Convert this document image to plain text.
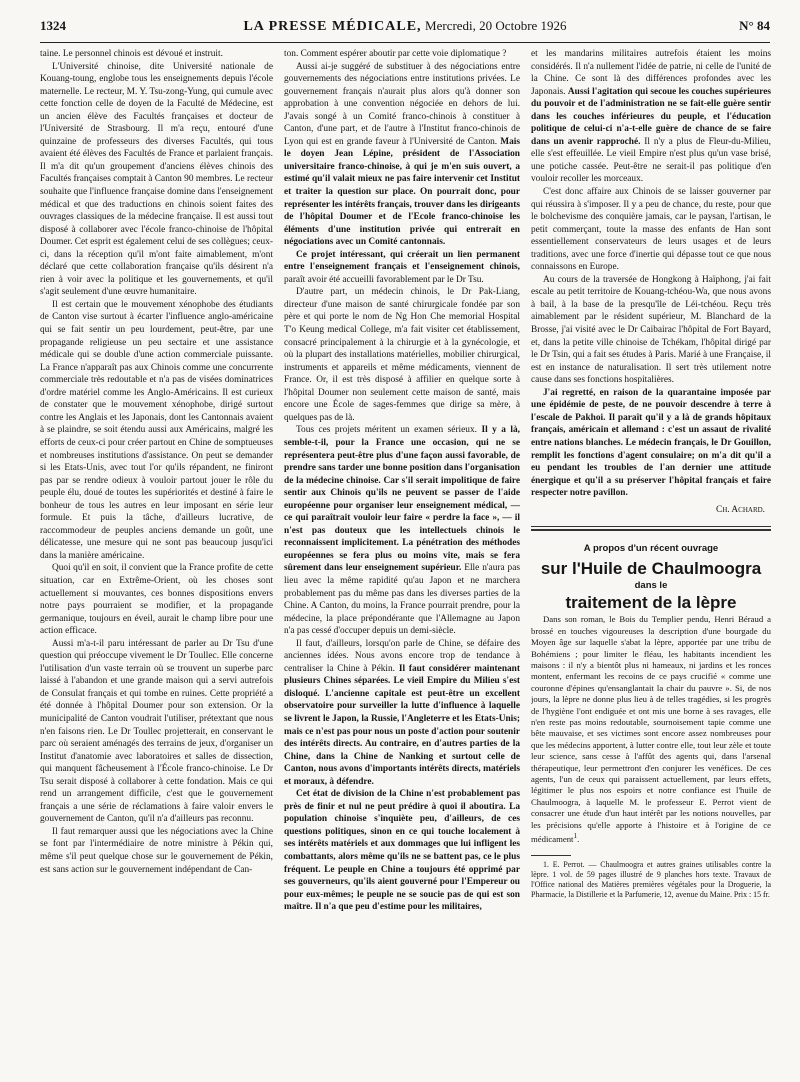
1324	LA PRESSE MÉDICALE, Mercredi, 20 Octobre 1926	N° 84

taine. Le personnel chinois est dévoué et instruit.

L'Université chinoise, dite Université nationale de Kouang-toung, englobe tous les enseignements depuis l'école maternelle. Le recteur, M. Y. Tsu-zong-Yung, qui cumule avec cette fonction celle de doyen de la Faculté de Médecine, est un ancien élève des Facultés françaises et docteur de l'Université de Strasbourg. Il m'a reçu, entouré d'une quinzaine de professeurs des diverses Facultés, qui tous avaient été élèves des Facultés de France et parlaient français. Il m'a dit qu'un groupement d'anciens élèves chinois des Facultés françaises comptait à Canton 90 membres. Le recteur souhaite que l'influence française domine dans l'enseignement médical et que des traductions en chinois soient faites des ouvrages classiques de la médecine française. Il est aussi tout disposé à collaborer avec l'école franco-chinoise de l'hôpital Doumer. Cet esprit est également celui de ses collègues; ceux-ci, dans la réception qu'il m'ont faite aimablement, m'ont déclaré que cette collaboration française qu'ils désirent n'a rien à voir avec la politique et les gouvernements, et qu'il s'agit seulement d'une œuvre humanitaire.

Il est certain que le mouvement xénophobe des étudiants de Canton vise surtout à écarter l'influence anglo-américaine qui se fait sentir un peu lourdement, peut-être, par une propagande religieuse un peu sectaire et une assistance médicale qui se double d'une action commerciale puissante. La France n'apparaît pas aux Chinois comme une concurrente commerciale très redoutable et n'a pas de visées dominatrices d'ordre matériel comme les Anglo-Américains. Il est curieux de constater que le mouvement xénophobe, dirigé surtout contre les Anglais et les Japonais, dont les Cantonnais avaient à se plaindre, se soit étendu aussi aux Américains, malgré les efforts de ceux-ci pour créer partout en Chine de somptueuses et nombreuses institutions d'assistance. On peut se demander si les Etats-Unis, avec tout l'or qu'ils répandent, ne finiront pas par se rendre odieux à vouloir partout jouer le rôle du peuple élu, doué de toutes les supériorités et destiné à faire le bonheur de tous les autres en leur imposant en série leur formule. Et puis la tâche, d'ailleurs lucrative, de raccommodeur de peuples anciens demande un goût, une délicatesse, une mesure qui ne sont pas beaucoup jusqu'ici dans la manière américaine.

Quoi qu'il en soit, il convient que la France profite de cette situation, car en Extrême-Orient, où les choses sont actuellement si mouvantes, ces bonnes dispositions envers notre pays pourraient se modifier, et la propagande germanique, toujours en éveil, aurait le champ libre pour une action efficace.

Aussi m'a-t-il paru intéressant de parler au Dr Tsu d'une question qui préoccupe vivement le Dr Toullec. Elle concerne l'utilisation d'un vaste terrain où se trouvent un superbe parc laissé à l'abandon et une grande maison qui a servi autrefois de Consulat français et qui tombe en ruines. Cette propriété a été donnée à l'hôpital Doumer pour son extension. Or la municipalité de Canton voudrait l'utiliser, prétextant que nous n'en faisons rien. Le Dr Toullec projetterait, en conservant le parc où seraient aménagés des terrains de jeux, d'organiser un Institut d'anatomie avec laboratoires et salles de dissection, qui manquent fâcheusement à l'École franco-chinoise. Le Dr Tsu serait disposé à collaborer à cette fondation. Mais ce qui rend un arrangement difficile, c'est que le gouvernement français a une série de réclamations à faire valoir envers le gouvernement de Canton, qu'il n'a d'ailleurs pas reconnu.

Il faut remarquer aussi que les négociations avec la Chine se font par l'intermédiaire de notre ministre à Pékin qui, même s'il peut quelque chose sur le gouvernement de Pékin, est sans action sur le gouvernement indépendant de Can-

ton. Comment espérer aboutir par cette voie diplomatique ?

Aussi ai-je suggéré de substituer à des négociations entre gouvernements des négociations entre institutions privées. Le gouvernement français n'aurait plus alors qu'à donner son approbation à une convention négociée en dehors de lui. J'avais songé à un Comité franco-chinois à constituer à Canton, d'une part, et de l'autre à l'Institut franco-chinois de Lyon qui est en grande faveur à l'Université de Canton. Mais le doyen Jean Lépine, président de l'Association universitaire franco-chinoise, à qui je m'en suis ouvert, a estimé qu'il valait mieux ne pas faire intervenir cet Institut et traiter la question sur place. On pourrait donc, pour représenter les intérêts français, trouver dans les dirigeants de l'hôpital Doumer et de l'Ecole franco-chinoise les éléments d'une institution privée qui entrerait en négociations avec un Comité cantonnais.

Ce projet intéressant, qui créerait un lien permanent entre l'enseignement français et l'enseignement chinois, paraît avoir été accueilli favorablement par le Dr Tsu.

D'autre part, un médecin chinois, le Dr Pak-Liang, directeur d'une maison de santé chirurgicale fondée par son père et qui porte le nom de Ng Hon Che memorial Hospital T'o Keung medical College, m'a fait visiter cet établissement, consacré principalement à la chirurgie et à la gynécologie, et où la plupart des installations matérielles, mobilier chirurgical, instruments et appareils et même médicaments, viennent de France. Or, il est très disposé à affilier en quelque sorte à l'hôpital Doumer non seulement cette maison de santé, mais encore une École de sages-femmes que dirige sa mère, à quelques pas de là.

Tous ces projets méritent un examen sérieux. Il y a là, semble-t-il, pour la France une occasion, qui ne se représentera peut-être plus d'une façon aussi favorable, de prendre sans tarder une bonne position dans l'organisation de la médecine chinoise. Car s'il serait impolitique de faire sentir aux Chinois qu'ils ne peuvent se passer de l'aide européenne pour organiser leur enseignement médical, — ce qui paraîtrait vouloir leur faire « perdre la face », — il n'est pas douteux que les intellectuels chinois le reconnaissent implicitement. La pénétration des méthodes européennes se fera plus ou moins vite, mais se fera sûrement dans leur enseignement supérieur. Elle n'aura pas lieu avec la même rapidité qu'au Japon et ne marchera probablement pas du même pas dans les diverses parties de la Chine. A Canton, du moins, la France pourrait prendre, pour la médecine, la place prépondérante que l'Allemagne au Japon n'a pas cessé d'occuper depuis un demi-siècle.

Il faut, d'ailleurs, lorsqu'on parle de Chine, se défaire des anciennes idées. Nous avons encore trop de tendance à centraliser la Chine à Pékin. Il faut considérer maintenant plusieurs Chines séparées. Le vieil Empire du Milieu s'est disloqué. L'ancienne capitale est peut-être un excellent observatoire pour surveiller la lutte d'influence à laquelle se livrent le Japon, la Russie, l'Angleterre et les Etats-Unis; mais ce n'est pas pour nous un poste d'action pour soutenir des intérêts directs. Au contraire, en d'autres parties de la Chine, dans la Chine de Nanking et surtout celle de Canton, nous avons d'importants intérêts directs, matériels et moraux, à défendre.

Cet état de division de la Chine n'est probablement pas près de finir et nul ne peut prédire à quoi il aboutira. La population chinoise s'inquiète peu, d'ailleurs, de ces questions politiques, sinon en ce qui touche localement à ses intérêts matériels et aux dommages que lui infligent les combattants, alors même qu'ils ne se battent pas, ce le plus fréquent. Le peuple en Chine a toujours été opprimé par ses gouverneurs, qu'ils aient gouverné pour l'Empereur ou pour eux-mêmes; le peuple ne se soucie pas de qui est son maître. Il n'a que peu d'estime pour les militaires,

et les mandarins militaires autrefois étaient les moins considérés. Il n'a nullement l'idée de patrie, ni celle de l'unité de la Chine. Ce sont là des différences profondes avec les Japonais. Aussi l'agitation qui secoue les couches supérieures du pouvoir et de l'administration ne se fait-elle guère sentir dans les couches inférieures du peuple, et l'éducation politique de celui-ci n'a-t-elle guère de chance de se faire dans un avenir rapproché. Il n'y a plus de Fleur-du-Milieu, elle s'est effeuillée. Le vieil Empire n'est plus qu'un vase brisé, une potiche cassée. Peut-être ne serait-il pas politique d'en vouloir recoller les morceaux.

C'est donc affaire aux Chinois de se laisser gouverner par qui réussira à s'imposer. Il y a peu de chance, du reste, pour que le bolchevisme des conquière jamais, car le paysan, l'artisan, le petit commerçant, toute la masse des enfants de Han sont essentiellement conservateurs de leurs usages et de leurs traditions, avec une force d'inertie qui dépasse tout ce que nous connaissons en Europe.

Au cours de la traversée de Hongkong à Haïphong, j'ai fait escale au petit territoire de Kouang-tchéou-Wa, que nous avons à bail, à la base de la presqu'île de Léi-tchéou. Reçu très aimablement par le résident supérieur, M. Blanchard de la Brosse, j'ai visité avec le Dr Caibairac l'hôpital de Fort Bayard, et, dans la petite ville chinoise de Tchékam, l'hôpital dirigé par le Dr Tsin, qui a fait ses études à Paris. Marié à une Française, il est en instance de naturalisation. Il sert très utilement notre cause dans ses fonctions hospitalières.

J'ai regretté, en raison de la quarantaine imposée par une épidémie de peste, de ne pouvoir descendre à terre à l'escale de Pakhoi. Il paraît qu'il y a là de grands hôpitaux français, américain et allemand : c'est un assaut de rivalité entre nations blanches. Le médecin français, le Dr Gouillon, remplit les fonctions d'agent consulaire; on m'a dit qu'il a eu pendant les troubles de l'an dernier une attitude énergique et qu'il a su préserver l'hôpital français et faire respecter notre pavillon.

Ch. Achard.

A propos d'un récent ouvrage
sur l'Huile de Chaulmoogra
dans le
traitement de la lèpre

Dans son roman, le Bois du Templier pendu, Henri Béraud a brossé en touches vigoureuses la description d'une bourgade du Moyen âge sur laquelle s'abat la lèpre, apportée par une tribu de Bohémiens ; pour limiter le fléau, les habitants incendient les maisons : il n'y a bientôt plus ni hameaux, ni jardins et les ronces montent, enfermant les recoins de ce pays crucifié « comme une couronne d'épines qu'ensanglantait la chair du pauvre ». Si, de nos jours, la lèpre ne donne plus lieu à de telles tragédies, si les progrès de l'hygiène l'ont endiguée et ont mis une borne à ses ravages, elle n'en reste pas moins redoutable, sournoisement tapie comme une bête mauvaise, et ses victimes sont encore assez nombreuses pour que les médecins apportent, à lutter contre elle, tout leur zèle et toute leur science, sans cesse à l'affût des agents qui, dans l'arsenal thérapeutique, leur permettront d'en conjurer les venéfices. De ces agents, l'un de ceux qui paraissent actuellement, par leurs effets, légitimer le plus nos espoirs et notre confiance est l'huile de Chaulmoogra, à laquelle M. le professeur E. Perrot vient de consacrer une étude d'un haut intérêt par les notions nouvelles, par les précisions qu'elle apporte à l'histoire et à l'origine de ce médicament$^1$.

1. E. Perrot. — Chaulmoogra et autres graines utilisables contre la lèpre. 1 vol. de 59 pages illustré de 9 planches hors texte. Travaux de l'Office national des Matières premières végétales pour la Droguerie, la Pharmacie, la Distillerie et la Parfumerie, 12, avenue du Maine. Prix : 15 fr.
